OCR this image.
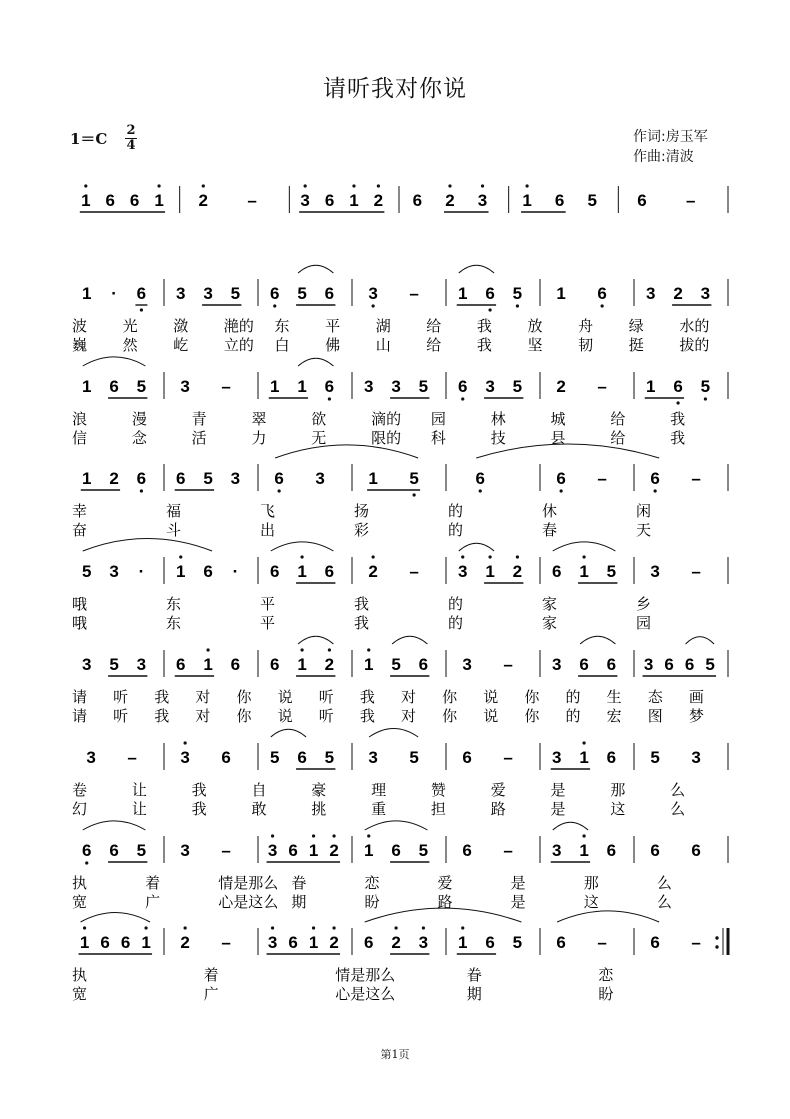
请听我对你说
1＝C 2
4
作词:房玉军
作曲:清波
1 6 6 1 2 –	3 6 1 2 6 2 3 1 6 5 6 –
1 · 6 3 3 5 6 5 6 3 – 1 6 5 1 6 3 2 3
波 光 潋 滟的 东 平 湖 给 我 放 舟 绿 水的
巍 然 屹 立的 白 佛 山 给 我 坚 韧 挺 拔的
1 6 5 3 – 1 1 6 3 3 5 6 3 5 2 – 1 6 5
浪	漫	青	翠	欲	滴的 园	林	城	给	我
信	念	活	力	无	限的 科	技	县	给	我
1 2 6 6 5 3 6 3	1 5	6	6 –	6 –
幸	福	飞	扬	的	休	闲
奋	斗	出	彩	的	春	天
5 3 · 1 6 · 6 1 6 2 – 3 1 2 6 1 5 3 –
哦	东	平	我	的	家	乡
哦	东	平	我	的	家	园
3 5 3 6 1 6 6 1 2 1 5 6 3 – 3 6 6 3 6 6 5
请 听 我 对 你 说 听 我 对 你 说 你 的 生 态 画
请 听 我 对 你 说 听 我 对 你 说 你 的 宏 图 梦
3 –	3 6 5 6 5 3 5	6 – 3 1 6 5 3
卷	让	我	自	豪	理	赞	爱	是	那	么
幻	让	我	敢	挑	重	担	路	是	这	么
6 6 5 3 – 3 6 1 2 1 6 5 6 – 3 1 6 6 6
执	着	情是那么 眷	恋	爱	是	那	么
宽	广	心是这么 期	盼	路	是	这	么
1 6 6 1 2 – 3 6 1 2 6 2 3 1 6 5 6 –	6 –
执	着	情是那么	眷	恋
宽	广	心是这么	期	盼
第1页
